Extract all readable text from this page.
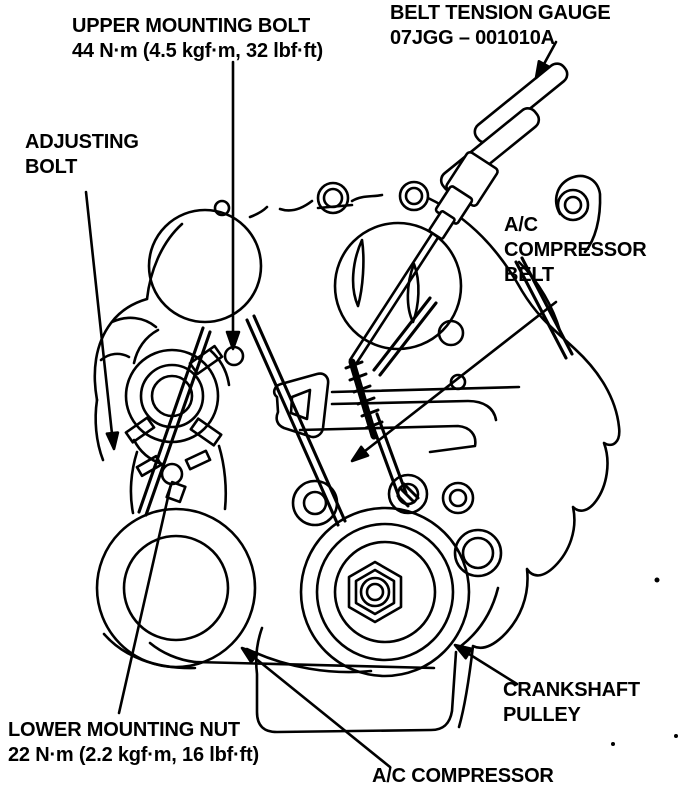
UPPER MOUNTING BOLT
44 N·m (4.5 kgf·m, 32 lbf·ft)
BELT TENSION GAUGE
07JGG – 001010A
ADJUSTING
BOLT
A/C
COMPRESSOR
BELT
CRANKSHAFT
PULLEY
LOWER MOUNTING NUT
22 N·m (2.2 kgf·m, 16 lbf·ft)
A/C COMPRESSOR
